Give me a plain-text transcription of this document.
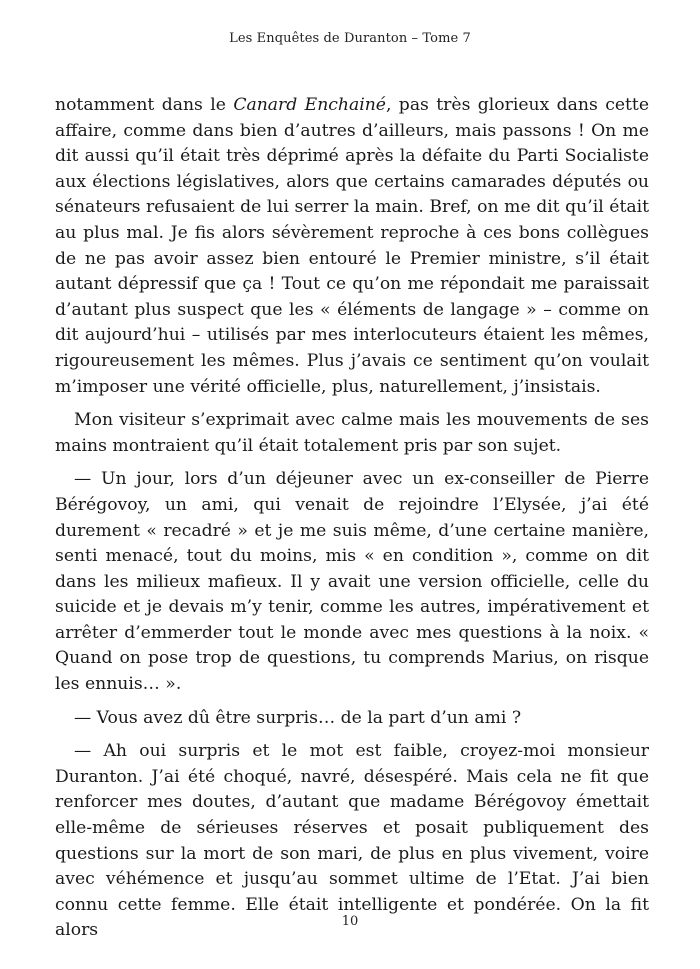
Les Enquêtes de Duranton – Tome 7

notamment dans le Canard Enchainé, pas très glorieux dans cette affaire, comme dans bien d’autres d’ailleurs, mais passons ! On me dit aussi qu’il était très déprimé après la défaite du Parti Socialiste aux élections législatives, alors que certains camarades députés ou sénateurs refusaient de lui serrer la main. Bref, on me dit qu’il était au plus mal. Je fis alors sévèrement reproche à ces bons collègues de ne pas avoir assez bien entouré le Premier ministre, s’il était autant dépressif que ça ! Tout ce qu’on me répondait me paraissait d’autant plus suspect que les « éléments de langage » – comme on dit aujourd’hui – utilisés par mes interlocuteurs étaient les mêmes, rigoureusement les mêmes. Plus j’avais ce sentiment qu’on voulait m’imposer une vérité officielle, plus, naturellement, j’insistais.

Mon visiteur s’exprimait avec calme mais les mouvements de ses mains montraient qu’il était totalement pris par son sujet.

— Un jour, lors d’un déjeuner avec un ex-conseiller de Pierre Bérégovoy, un ami, qui venait de rejoindre l’Elysée, j’ai été durement « recadré » et je me suis même, d’une certaine manière, senti menacé, tout du moins, mis « en condition », comme on dit dans les milieux mafieux. Il y avait une version officielle, celle du suicide et je devais m’y tenir, comme les autres, impérativement et arrêter d’emmerder tout le monde avec mes questions à la noix. « Quand on pose trop de questions, tu comprends Marius, on risque les ennuis… ».

— Vous avez dû être surpris… de la part d’un ami ?

— Ah oui surpris et le mot est faible, croyez-moi monsieur Duranton. J’ai été choqué, navré, désespéré. Mais cela ne fit que renforcer mes doutes, d’autant que madame Bérégovoy émettait elle-même de sérieuses réserves et posait publiquement des questions sur la mort de son mari, de plus en plus vivement, voire avec véhémence et jusqu’au sommet ultime de l’Etat. J’ai bien connu cette femme. Elle était intelligente et pondérée. On la fit alors	10
